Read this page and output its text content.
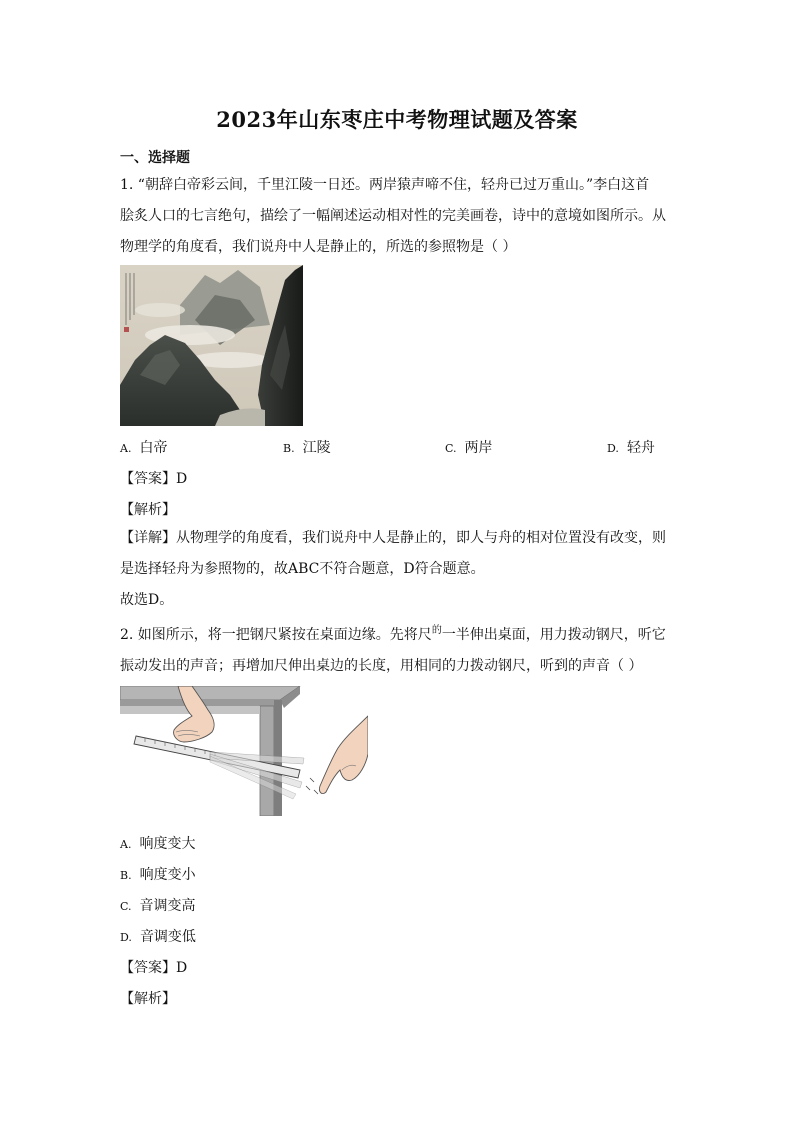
2023年山东枣庄中考物理试题及答案
一、选择题
1. “朝辞白帝彩云间，千里江陵一日还。两岸猿声啼不住，轻舟已过万重山。”李白这首
脍炙人口的七言绝句，描绘了一幅阐述运动相对性的完美画卷，诗中的意境如图所示。从
物理学的角度看，我们说舟中人是静止的，所选的参照物是（ ）
A. 白帝	B. 江陵	C. 两岸	D. 轻舟
【答案】D
【解析】
【详解】从物理学的角度看，我们说舟中人是静止的，即人与舟的相对位置没有改变，则
是选择轻舟为参照物的，故ABC不符合题意，D符合题意。
故选D。
2. 如图所示，将一把钢尺紧按在桌面边缘。先将尺$^的$一半伸出桌面，用力拨动钢尺，听它
振动发出的声音；再增加尺伸出桌边的长度，用相同的力拨动钢尺，听到的声音（ ）
A. 响度变大
B. 响度变小
C. 音调变高
D. 音调变低
【答案】D
【解析】
